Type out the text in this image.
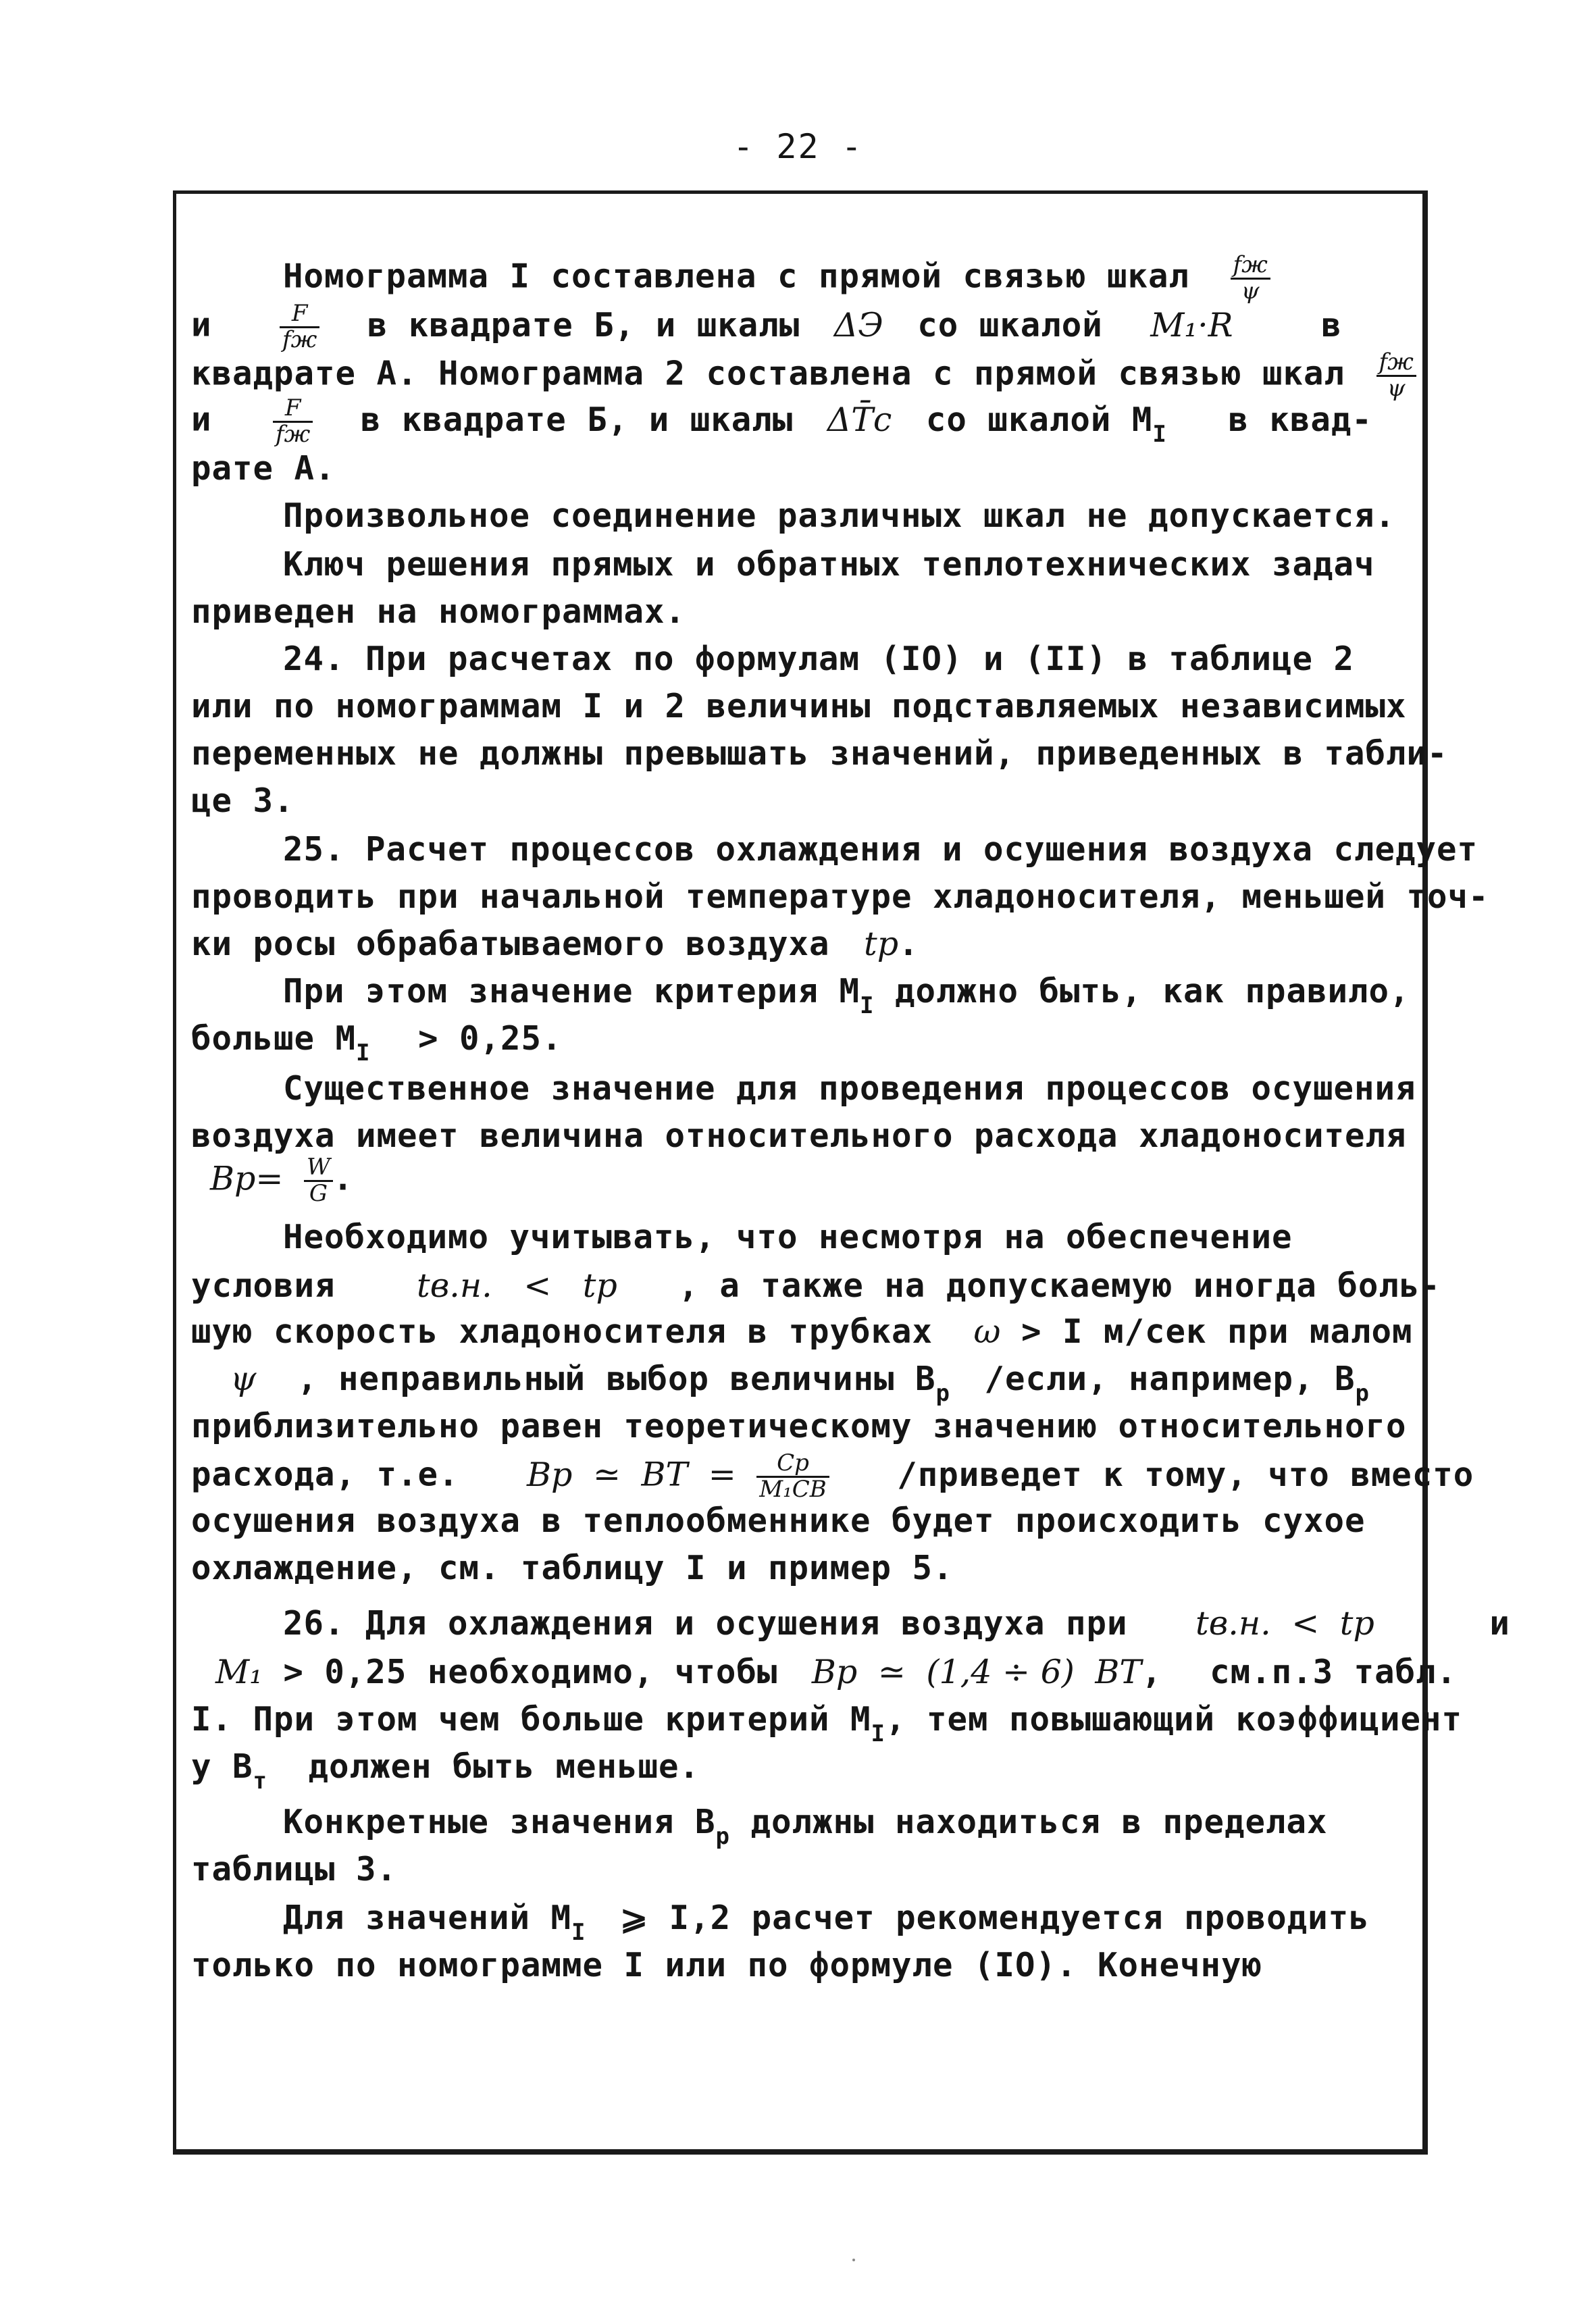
- 22 -
Номограмма I составлена с прямой связью шкал $\frac{fж}{\psi}$
и	$\frac{F}{fж}$ в квадрате Б, и шкалы ΔЭ со шкалой M₁·R	в
квадрате А. Номограмма 2 составлена с прямой связью шкал $\frac{fж}{\psi}$
и	$\frac{F}{fж}$ в квадрате Б, и шкалы ΔT̄c со шкалой $M_I$ в квад-
рате А.
Произвольное соединение различных шкал не допускается.
Ключ решения прямых и обратных теплотехнических задач
приведен на номограммах.
24. При расчетах по формулам (IO) и (II) в таблице 2
или по номограммам I и 2 величины подставляемых независимых
переменных не должны превышать значений, приведенных в табли-
це 3.
25. Расчет процессов охлаждения и осушения воздуха следует
проводить при начальной температуре хладоносителя, меньшей точ-
ки росы обрабатываемого воздуха tp.
При этом значение критерия $M_I$ должно быть, как правило,
больше $M_I > 0,25$.
Существенное значение для проведения процессов осушения
воздуха имеет величина относительного расхода хладоносителя
$Bp= \frac{W}{G}$ .
Необходимо учитывать, что несмотря на обеспечение
условия tв.н. < tp , а также на допускаемую иногда боль-
шую скорость хладоносителя в трубках ω > I м/сек при малом
ψ , неправильный выбор величины $B_р$ /если, например, $B_р$
приблизительно равен теоретическому значению относительного
расхода, т.е. Bp ≃ BT = $\frac{Cp}{\text{M₁CB}}$ /приведет к тому, что вместо
осушения воздуха в теплообменнике будет происходить сухое
охлаждение, см. таблицу I и пример 5.
26. Для охлаждения и осушения воздуха при tв.н. < tp	и
M₁ > 0,25 необходимо, чтобы Bp ≃ (1,4 ÷ 6) BT, см.п.3 табл.
I. При этом чем больше критерий $M_I$, тем повышающий коэффициент
у $B_т$ должен быть меньше.
Конкретные значения $B_р$ должны находиться в пределах
таблицы 3.
Для значений $M_I$ ⩾ I,2 расчет рекомендуется проводить
только по номограмме I или по формуле (IO). Конечную
